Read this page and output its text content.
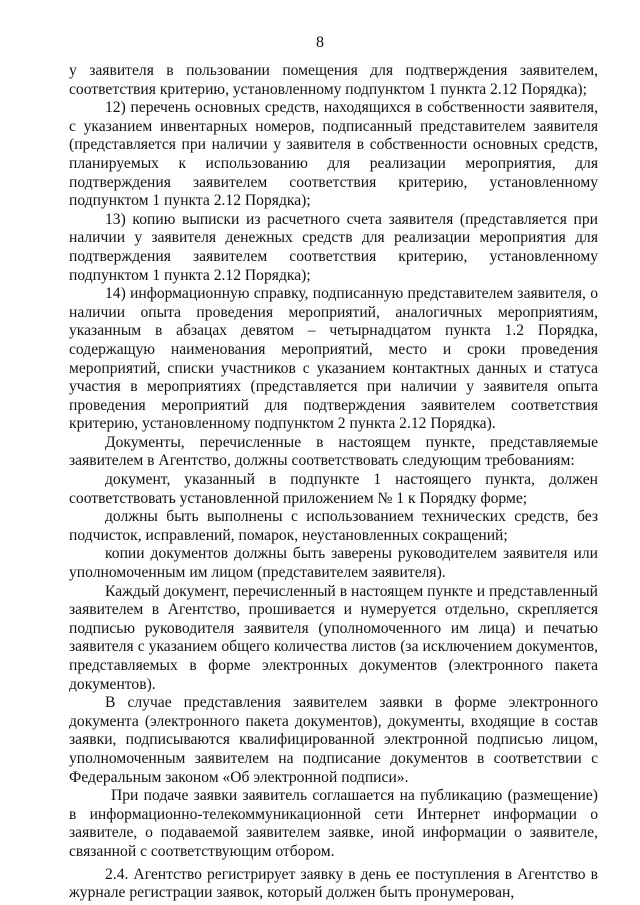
8

у заявителя в пользовании помещения для подтверждения заявителем, соответствия критерию, установленному подпунктом 1 пункта 2.12 Порядка);

12) перечень основных средств, находящихся в собственности заявителя, с указанием инвентарных номеров, подписанный представителем заявителя (представляется при наличии у заявителя в собственности основных средств, планируемых к использованию для реализации мероприятия, для подтверждения заявителем соответствия критерию, установленному подпунктом 1 пункта 2.12 Порядка);

13) копию выписки из расчетного счета заявителя (представляется при наличии у заявителя денежных средств для реализации мероприятия для подтверждения заявителем соответствия критерию, установленному подпунктом 1 пункта 2.12 Порядка);

14) информационную справку, подписанную представителем заявителя, о наличии опыта проведения мероприятий, аналогичных мероприятиям, указанным в абзацах девятом – четырнадцатом пункта 1.2 Порядка, содержащую наименования мероприятий, место и сроки проведения мероприятий, списки участников с указанием контактных данных и статуса участия в мероприятиях (представляется при наличии у заявителя опыта проведения мероприятий для подтверждения заявителем соответствия критерию, установленному подпунктом 2 пункта 2.12 Порядка).

Документы, перечисленные в настоящем пункте, представляемые заявителем в Агентство, должны соответствовать следующим требованиям:

документ, указанный в подпункте 1 настоящего пункта, должен соответствовать установленной приложением № 1 к Порядку форме;

должны быть выполнены с использованием технических средств, без подчисток, исправлений, помарок, неустановленных сокращений;

копии документов должны быть заверены руководителем заявителя или уполномоченным им лицом (представителем заявителя).

Каждый документ, перечисленный в настоящем пункте и представленный заявителем в Агентство, прошивается и нумеруется отдельно, скрепляется подписью руководителя заявителя (уполномоченного им лица) и печатью заявителя с указанием общего количества листов (за исключением документов, представляемых в форме электронных документов (электронного пакета документов).

В случае представления заявителем заявки в форме электронного документа (электронного пакета документов), документы, входящие в состав заявки, подписываются квалифицированной электронной подписью лицом, уполномоченным заявителем на подписание документов в соответствии с Федеральным законом «Об электронной подписи».

При подаче заявки заявитель соглашается на публикацию (размещение) в информационно-телекоммуникационной сети Интернет информации о заявителе, о подаваемой заявителем заявке, иной информации о заявителе, связанной с соответствующим отбором.

2.4. Агентство регистрирует заявку в день ее поступления в Агентство в журнале регистрации заявок, который должен быть пронумерован,
